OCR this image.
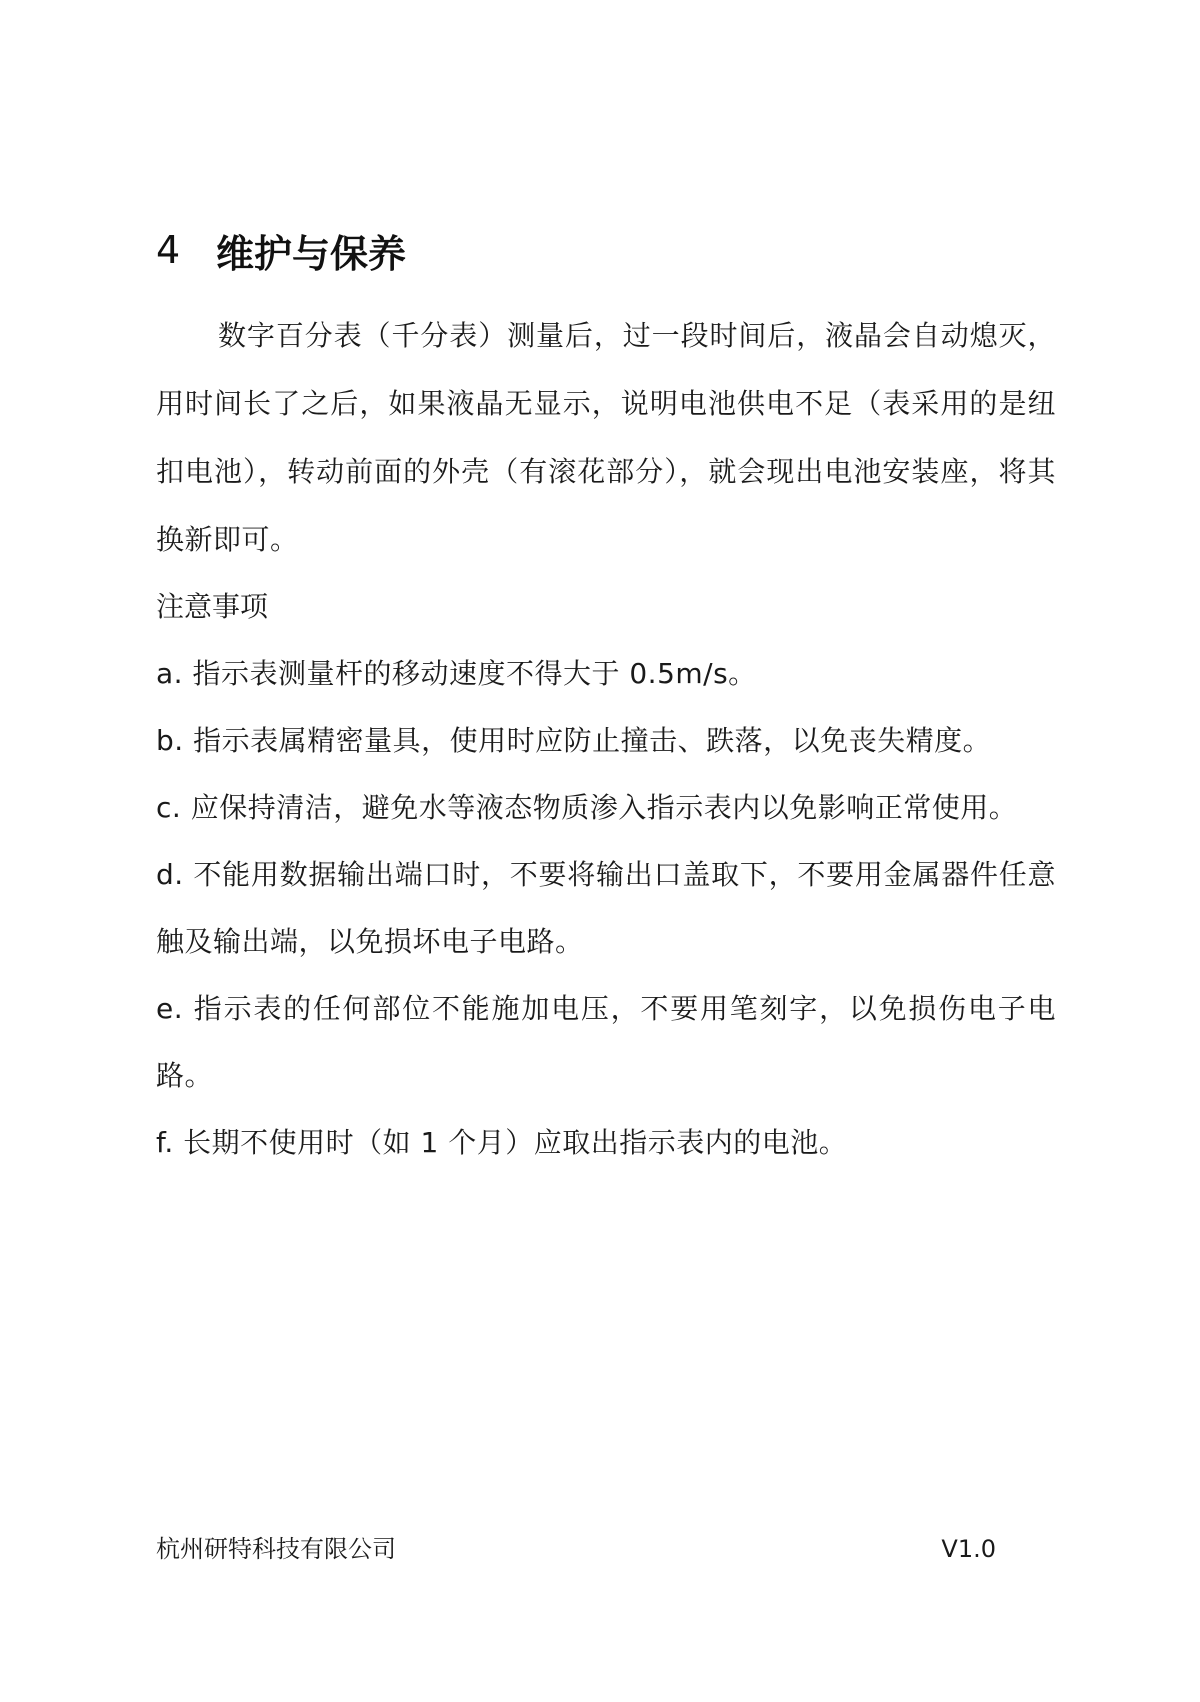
4 维护与保养

数字百分表（千分表）测量后，过一段时间后，液晶会自动熄灭，用时间长了之后，如果液晶无显示，说明电池供电不足（表采用的是纽扣电池），转动前面的外壳（有滚花部分），就会现出电池安装座，将其换新即可。

注意事项

a. 指示表测量杆的移动速度不得大于 0.5m/s。

b. 指示表属精密量具，使用时应防止撞击、跌落，以免丧失精度。

c. 应保持清洁，避免水等液态物质渗入指示表内以免影响正常使用。

d. 不能用数据输出端口时，不要将输出口盖取下，不要用金属器件任意触及输出端，以免损坏电子电路。

e. 指示表的任何部位不能施加电压，不要用笔刻字，以免损伤电子电路。

f. 长期不使用时（如 1 个月）应取出指示表内的电池。

杭州研特科技有限公司	V1.0
